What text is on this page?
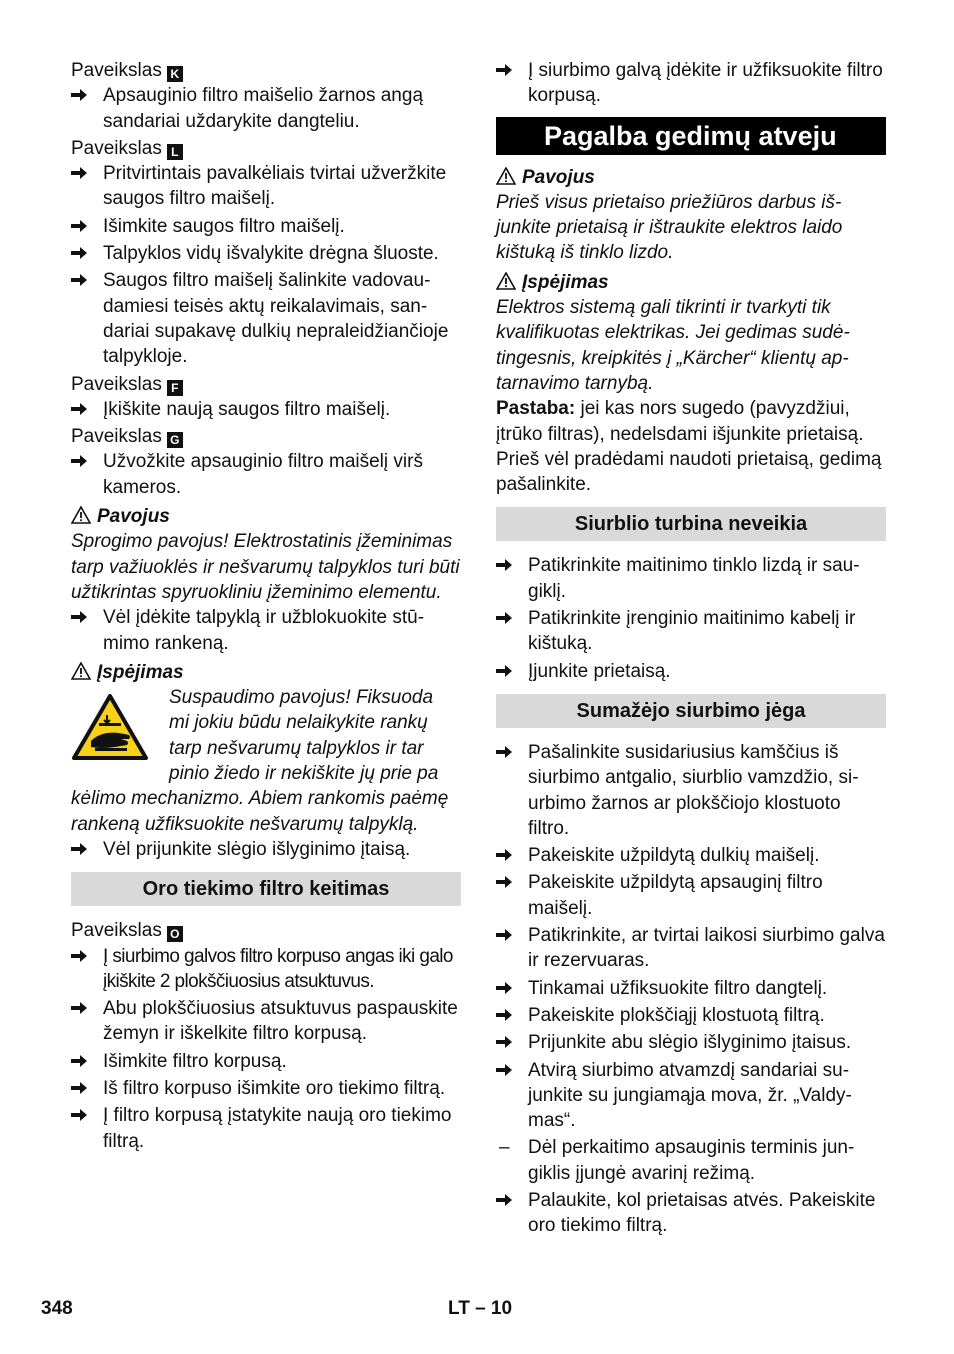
Paveikslas K
Apsauginio filtro maišelio žarnos angą sandariai uždarykite dangteliu.
Paveikslas L
Pritvirtintais pavalkėliais tvirtai užveržkite saugos filtro maišelį.
Išimkite saugos filtro maišelį.
Talpyklos vidų išvalykite drėgna šluoste.
Saugos filtro maišelį šalinkite vadovaudamiesi teisės aktų reikalavimais, sandariai supakavę dulkių nepraleidžiančioje talpykloje.
Paveikslas F
Įkiškite naują saugos filtro maišelį.
Paveikslas G
Užvožkite apsauginio filtro maišelį virš kameros.
Pavojus
Sprogimo pavojus! Elektrostatinis įžeminimas tarp važiuoklės ir nešvarumų talpyklos turi būti užtikrintas spyruokliniu įžeminimo elementu.
Vėl įdėkite talpyklą ir užblokuokite stūmimo rankeną.
Įspėjimas
Suspaudimo pavojus! Fiksuoda
mi jokiu būdu nelaikykite rankų
tarp nešvarumų talpyklos ir tar
pinio žiedo ir nekiškite jų prie pa
kėlimo mechanizmo. Abiem rankomis paėmę rankeną užfiksuokite nešvarumų talpyklą.
Vėl prijunkite slėgio išlyginimo įtaisą.
Oro tiekimo filtro keitimas
Paveikslas O
Į siurbimo galvos filtro korpuso angas iki galo įkiškite 2 plokščiuosius atsuktuvus.
Abu plokščiuosius atsuktuvus paspauskite žemyn ir iškelkite filtro korpusą.
Išimkite filtro korpusą.
Iš filtro korpuso išimkite oro tiekimo filtrą.
Į filtro korpusą įstatykite naują oro tiekimo filtrą.
Į siurbimo galvą įdėkite ir užfiksuokite filtro korpusą.
Pagalba gedimų atveju
Pavojus
Prieš visus prietaiso priežiūros darbus išjunkite prietaisą ir ištraukite elektros laido kištuką iš tinklo lizdo.
Įspėjimas
Elektros sistemą gali tikrinti ir tvarkyti tik kvalifikuotas elektrikas. Jei gedimas sudėtingesnis, kreipkitės į „Kärcher“ klientų aptarnavimo tarnybą.
Pastaba: jei kas nors sugedo (pavyzdžiui, įtrūko filtras), nedelsdami išjunkite prietaisą. Prieš vėl pradėdami naudoti prietaisą, gedimą pašalinkite.
Siurblio turbina neveikia
Patikrinkite maitinimo tinklo lizdą ir saugiklį.
Patikrinkite įrenginio maitinimo kabelį ir kištuką.
Įjunkite prietaisą.
Sumažėjo siurbimo jėga
Pašalinkite susidariusius kamščius iš siurbimo antgalio, siurblio vamzdžio, siurbimo žarnos ar plokščiojo klostuoto filtro.
Pakeiskite užpildytą dulkių maišelį.
Pakeiskite užpildytą apsauginį filtro maišelį.
Patikrinkite, ar tvirtai laikosi siurbimo galva ir rezervuaras.
Tinkamai užfiksuokite filtro dangtelį.
Pakeiskite plokščiąjį klostuotą filtrą.
Prijunkite abu slėgio išlyginimo įtaisus.
Atvirą siurbimo atvamzdį sandariai sujunkite su jungiamąja mova, žr. „Valdymas“.
– Dėl perkaitimo apsauginis terminis jungiklis įjungė avarinį režimą.
Palaukite, kol prietaisas atvės. Pakeiskite oro tiekimo filtrą.
348	LT – 10
